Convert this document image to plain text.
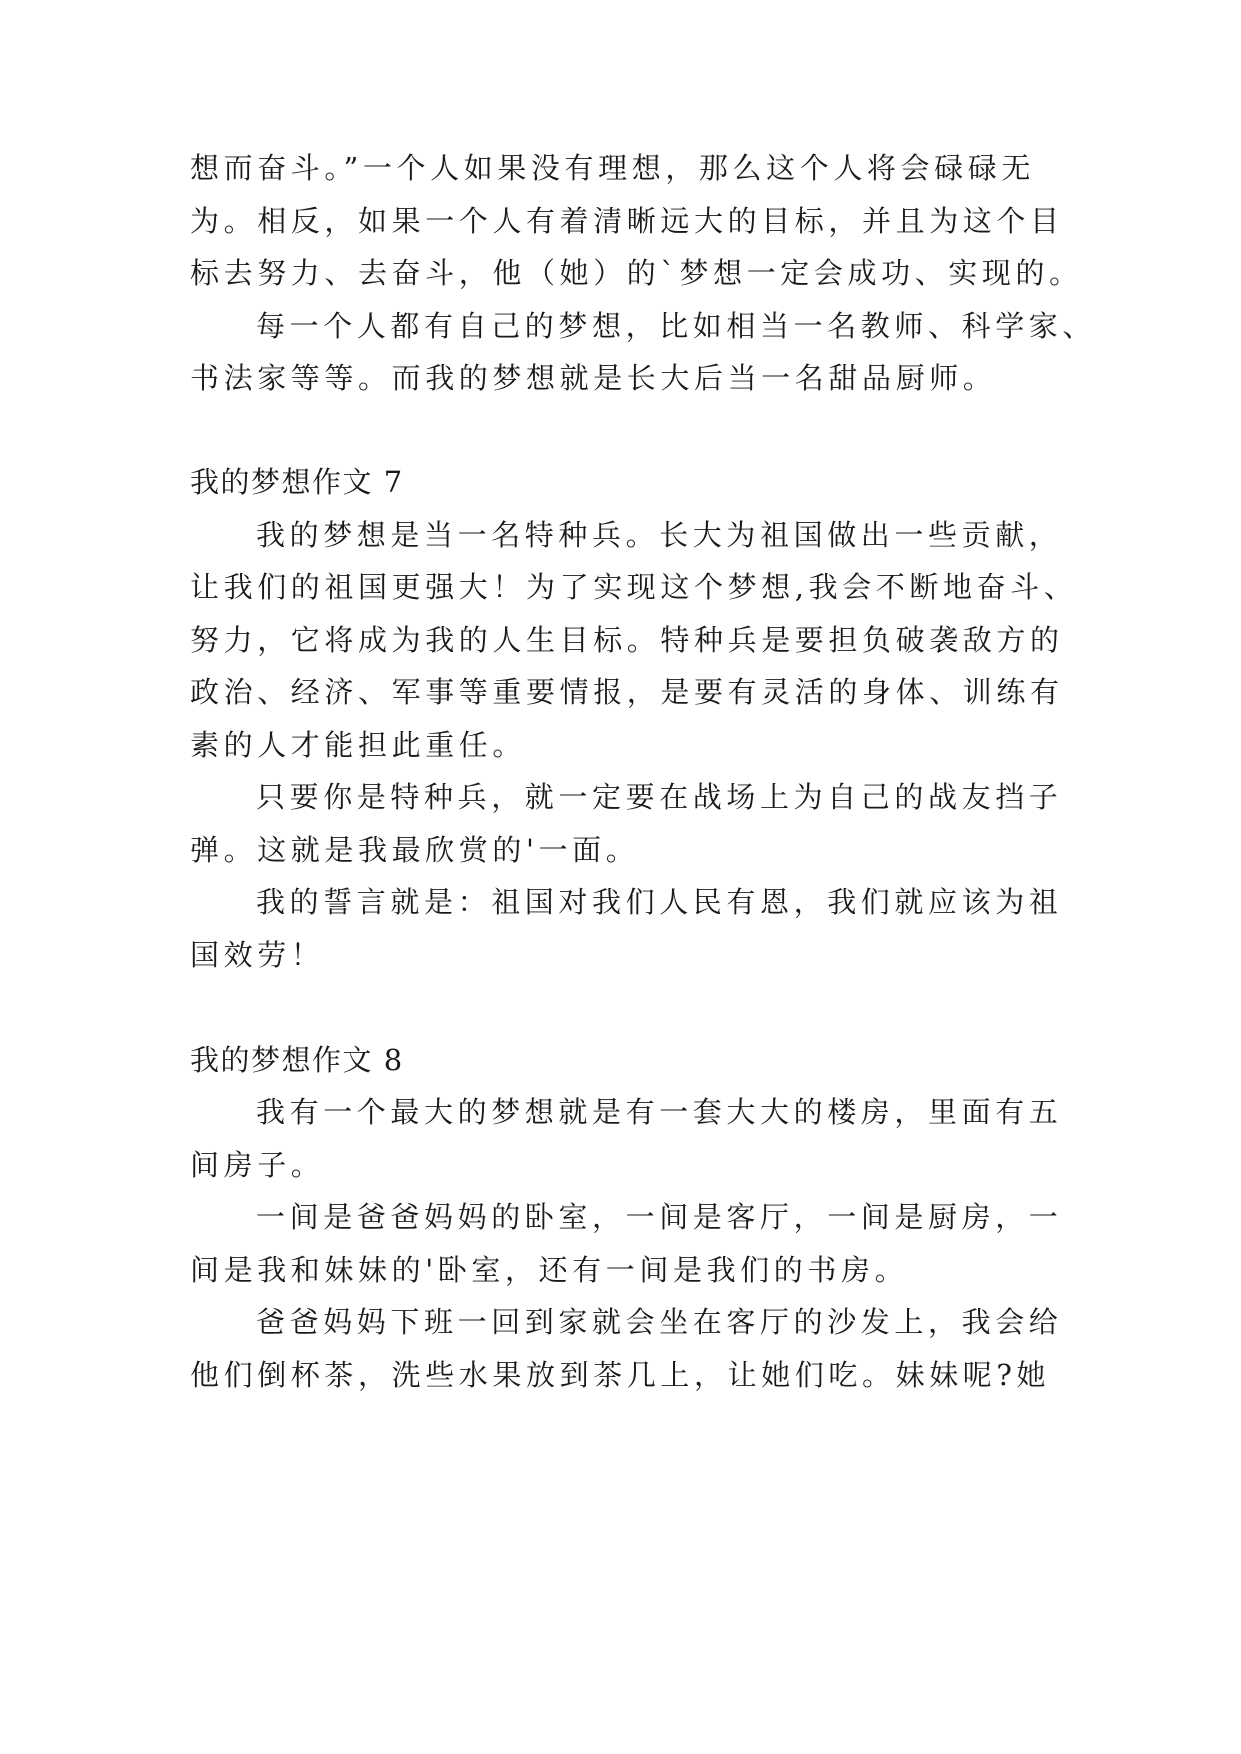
想而奋斗。”一个人如果没有理想，那么这个人将会碌碌无
为。相反，如果一个人有着清晰远大的目标，并且为这个目
标去努力、去奋斗，他（她）的`梦想一定会成功、实现的。
每一个人都有自己的梦想，比如相当一名教师、科学家、
书法家等等。而我的梦想就是长大后当一名甜品厨师。
我的梦想作文 7
我的梦想是当一名特种兵。长大为祖国做出一些贡献，
让我们的祖国更强大！为了实现这个梦想,我会不断地奋斗、
努力，它将成为我的人生目标。特种兵是要担负破袭敌方的
政治、经济、军事等重要情报，是要有灵活的身体、训练有
素的人才能担此重任。
只要你是特种兵，就一定要在战场上为自己的战友挡子
弹。这就是我最欣赏的'一面。
我的誓言就是：祖国对我们人民有恩，我们就应该为祖
国效劳！
我的梦想作文 8
我有一个最大的梦想就是有一套大大的楼房，里面有五
间房子。
一间是爸爸妈妈的卧室，一间是客厅，一间是厨房，一
间是我和妹妹的'卧室，还有一间是我们的书房。
爸爸妈妈下班一回到家就会坐在客厅的沙发上，我会给
他们倒杯茶，洗些水果放到茶几上，让她们吃。妹妹呢?她
